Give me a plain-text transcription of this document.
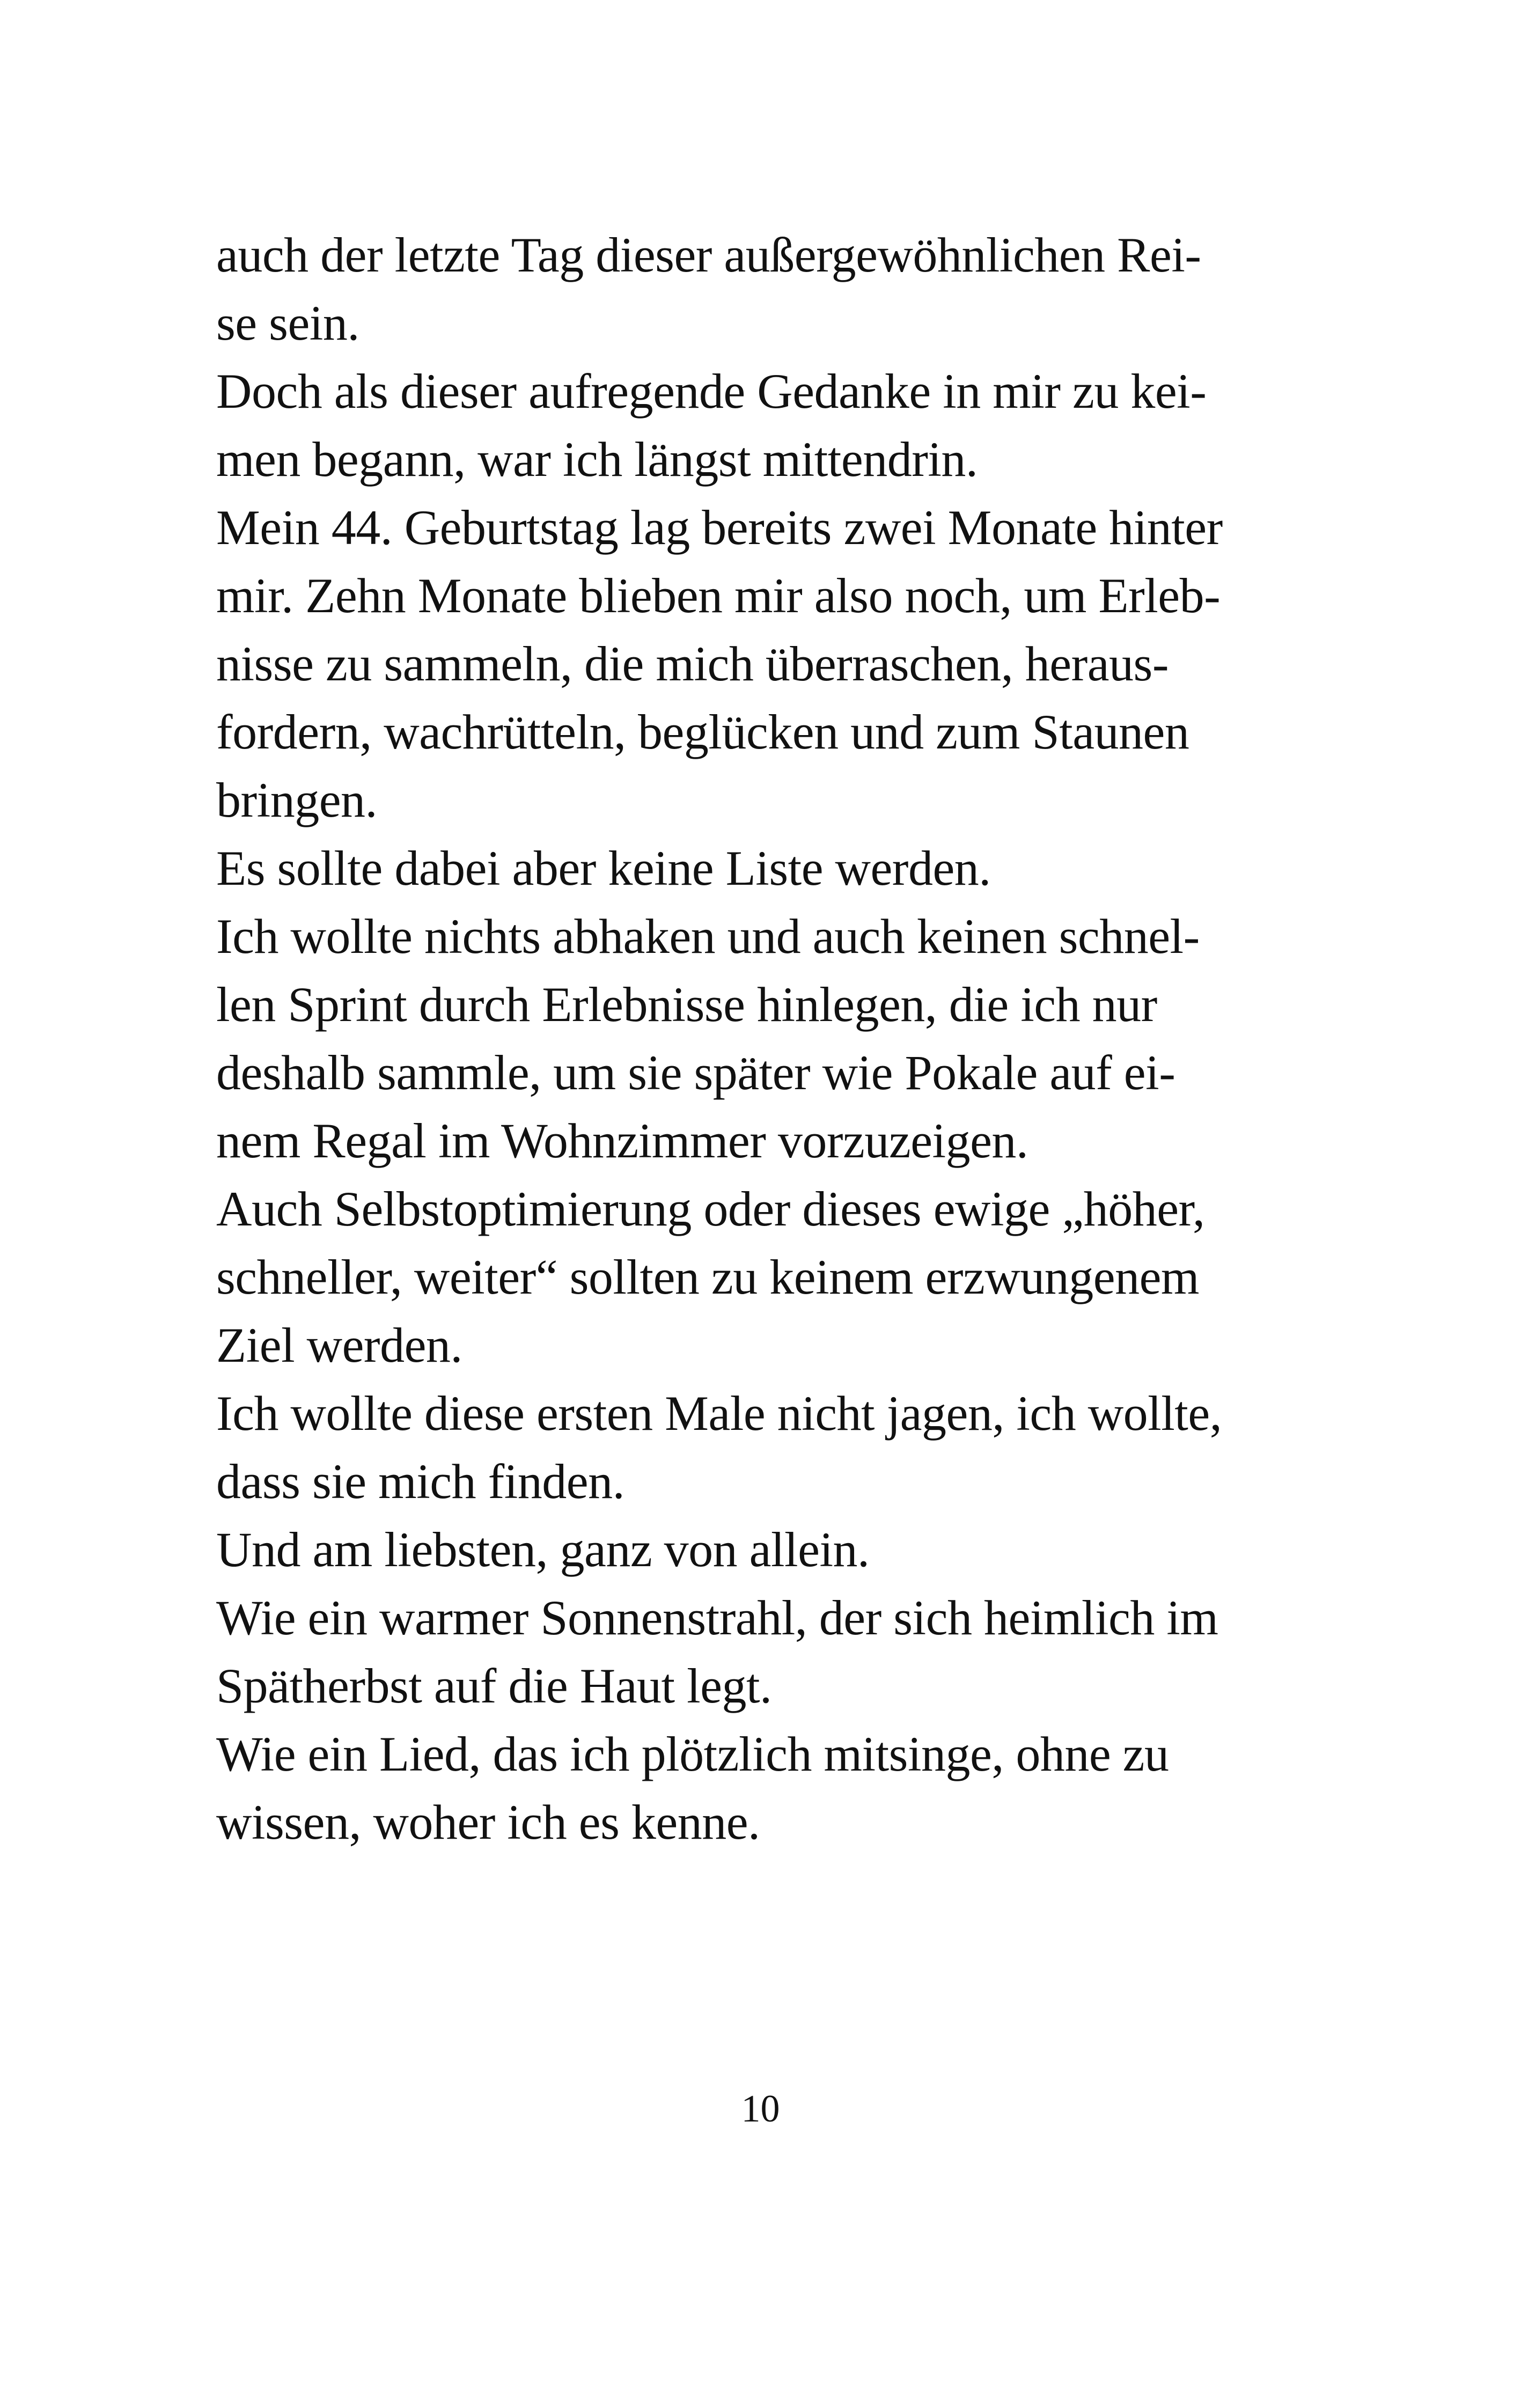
auch der letzte Tag dieser außergewöhnlichen Rei-
se sein.
Doch als dieser aufregende Gedanke in mir zu kei-
men begann, war ich längst mittendrin.
Mein 44. Geburtstag lag bereits zwei Monate hinter
mir. Zehn Monate blieben mir also noch, um Erleb-
nisse zu sammeln, die mich überraschen, heraus-
fordern, wachrütteln, beglücken und zum Staunen
bringen.
Es sollte dabei aber keine Liste werden.
Ich wollte nichts abhaken und auch keinen schnel-
len Sprint durch Erlebnisse hinlegen, die ich nur
deshalb sammle, um sie später wie Pokale auf ei-
nem Regal im Wohnzimmer vorzuzeigen.
Auch Selbstoptimierung oder dieses ewige „höher,
schneller, weiter“ sollten zu keinem erzwungenem
Ziel werden.
Ich wollte diese ersten Male nicht jagen, ich wollte,
dass sie mich finden.
Und am liebsten, ganz von allein.
Wie ein warmer Sonnenstrahl, der sich heimlich im
Spätherbst auf die Haut legt.
Wie ein Lied, das ich plötzlich mitsinge, ohne zu
wissen, woher ich es kenne.
10
